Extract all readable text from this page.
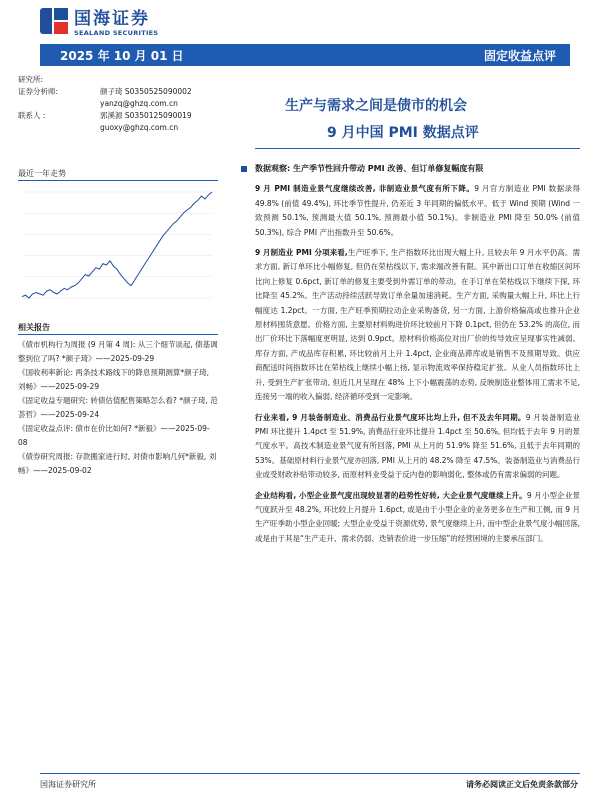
国海证券
SEALAND SECURITIES
2025 年 10 月 01 日	固定收益点评
研究所:
证券分析师:	颜子琦 S0350525090002
yanzq@ghzq.com.cn
联系人 :	郭溪源 S0350125090019
guoxy@ghzq.com.cn
生产与需求之间是债市的机会
9 月中国 PMI 数据点评
最近一年走势
相关报告
《债市机构行为周报 (9 月第 4 周): 从三个细节谈起, 债基调整到位了吗? *颜子琦》——2025-09-29
《国收利率新论: 两条技术路线下的降息预期测算*颜子琦, 刘畅》——2025-09-29
《固定收益专题研究: 转债估值配售策略怎么看? *颜子琦, 范荟哲》——2025-09-24
《固定收益点评: 债市在价比如何? *新毅》——2025-09-08
《债券研究周报: 存款搬家进行时, 对债市影响几何*新毅, 刘畅》——2025-09-02
数据观察: 生产季节性回升带动 PMI 改善、但订单修复幅度有限
9 月 PMI 制造业景气度继续改善, 非制造业景气度有所下降。9 月官方制造业 PMI 数据录得 49.8% (前值 49.4%), 环比季节性提升, 仍差近 3 年同期的偏低水平。低于 Wind 预期 (Wind 一致预测 50.1%, 预测最大值 50.1%, 预测最小值 50.1%)。非制造业 PMI 降至 50.0% (前值 50.3%), 综合 PMI 产出指数升至 50.6%。
9 月制造业 PMI 分项来看,生产旺季下, 生产指数环比出现大幅上升, 且较去年 9 月水平仍高。需求方面, 新订单环比小幅修复, 但仍在荣枯线以下, 需求端改善有限。其中新出口订单在收缩区间环比向上修复 0.6pct, 新订单的修复主要受到外需订单的带动。在手订单在荣枯线以下继续下探, 环比降至 45.2%。生产活动持续活跃导致订单余量加速消耗。生产方面, 采购量大幅上升, 环比上行幅度达 1.2pct。一方面, 生产旺季预期拉动企业采购备货, 另一方面, 上游价格偏高或也推升企业原材料囤货意愿。价格方面, 主要原材料购进价环比较前月下降 0.1pct, 但仍在 53.2% 的高位, 而出厂价环比下落幅度更明显, 达到 0.9pct。原材料价格高位对出厂价的传导效应呈现事实性减弱。库存方面, 产成品库存积累, 环比较前月上升 1.4pct, 企业商品滞库或是销售不及预期导致。供应商配送时间指数环比在荣枯线上继续小幅上扬, 显示物流效率保持稳定扩张。从业人员指数环比上升, 受到生产扩张带动, 但近几月呈现在 48% 上下小幅震荡的态势, 反映制造业整体用工需求不足, 连接另一端的收入偏弱, 经济循环受到一定影响。
行业来看, 9 月装备制造业、消费品行业景气度环比均上升, 但不及去年同期。9 月装备制造业 PMI 环比提升 1.4pct 至 51.9%, 消费品行业环比提升 1.4pct 至 50.6%, 但均低于去年 9 月的景气度水平。高技术制造业景气度有所回落, PMI 从上月的 51.9% 降至 51.6%, 且低于去年同期的 53%。基础原材料行业景气度亦回落, PMI 从上月的 48.2% 降至 47.5%。装备制造业与消费品行业或受财政补贴带动较多, 而原材料业受益于反内卷的影响弱化, 整体或仍有需求偏弱的问题。
企业结构看, 小型企业景气度出现较显著的趋势性好转, 大企业景气度继续上升。9 月小型企业景气度跃升至 48.2%, 环比较上月提升 1.6pct, 或是由于小型企业的业务更多在生产和工侧, 而 9 月生产旺季助小型企业回暖; 大型企业受益于资源优势, 景气度继续上升, 而中型企业景气度小幅回落, 或是由于其是“生产走升、需求仍弱、迭销表价进一步压缩”的经营困境的主要承压部门。
国海证券研究所	请务必阅读正文后免责条款部分
